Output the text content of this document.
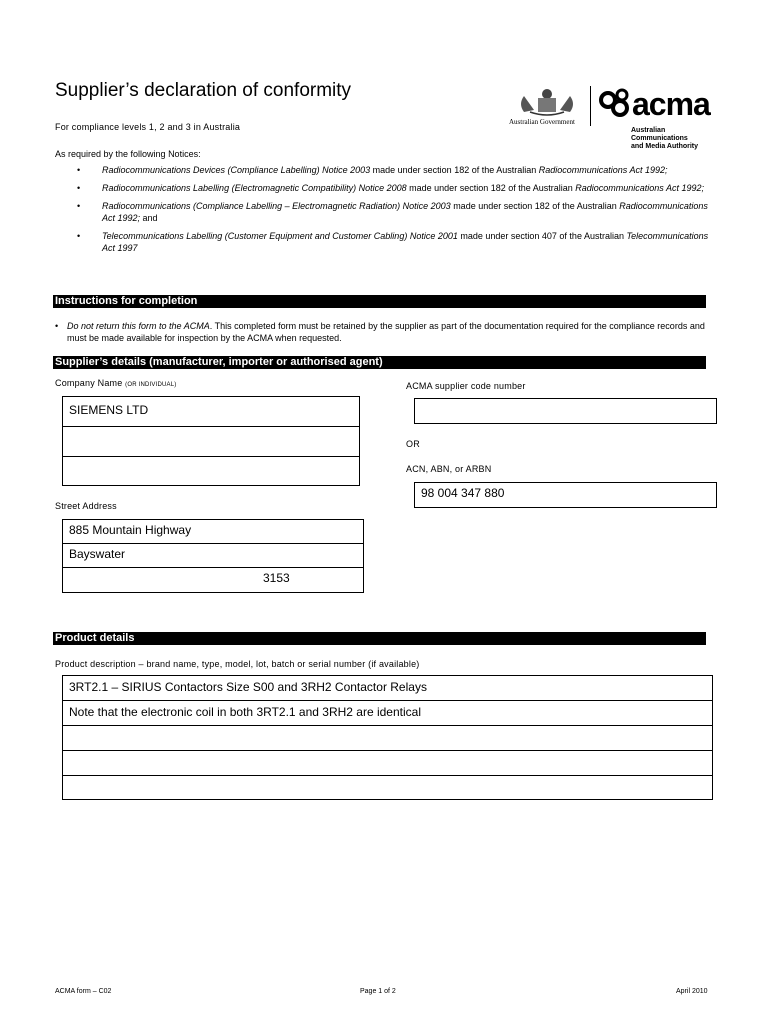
Supplier’s declaration of conformity
For compliance levels 1, 2 and 3 in Australia	Australian Government acma
Australian
Communications
and Media Authority
As required by the following Notices:
• Radiocommunications Devices (Compliance Labelling) Notice 2003 made under section 182 of the Australian Radiocommunications Act 1992;
• Radiocommunications Labelling (Electromagnetic Compatibility) Notice 2008 made under section 182 of the Australian Radiocommunications Act 1992;
• Radiocommunications (Compliance Labelling – Electromagnetic Radiation) Notice 2003 made under section 182 of the Australian Radiocommunications Act 1992; and
• Telecommunications Labelling (Customer Equipment and Customer Cabling) Notice 2001 made under section 407 of the Australian Telecommunications Act 1997
Instructions for completion
• Do not return this form to the ACMA. This completed form must be retained by the supplier as part of the documentation required for the compliance records and must be made available for inspection by the ACMA when requested.
Supplier’s details (manufacturer, importer or authorised agent)
Company Name (OR INDIVIDUAL)
SIEMENS LTD
Street Address
885 Mountain Highway
Bayswater
3153
ACMA supplier code number
OR
ACN, ABN, or ARBN
98 004 347 880
Product details
Product description – brand name, type, model, lot, batch or serial number (if available)
3RT2.1 – SIRIUS Contactors Size S00 and 3RH2 Contactor Relays
Note that the electronic coil in both 3RT2.1 and 3RH2 are identical
ACMA form – C02	Page 1 of 2	April 2010
